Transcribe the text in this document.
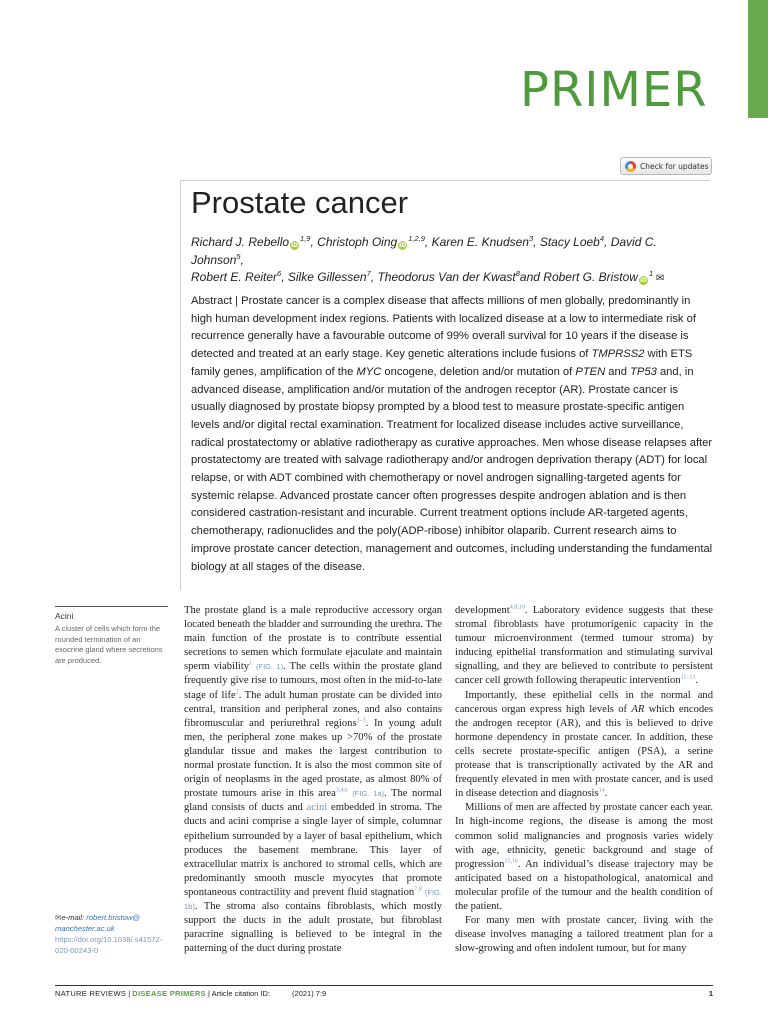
PRIMER
Check for updates
Prostate cancer
Richard J. Rebello iD$^{1,9}$, Christoph Oing iD$^{1,2,9}$, Karen E. Knudsen$^3$, Stacy Loeb$^4$, David C. Johnson$^5$,
Robert E. Reiter$^6$, Silke Gillessen$^7$, Theodorus Van der Kwast$^8$and Robert G. Bristow $iD^1$ ✉

Abstract | Prostate cancer is a complex disease that affects millions of men globally, predominantly in high human development index regions. Patients with localized disease at a low to intermediate risk of recurrence generally have a favourable outcome of 99% overall survival for 10 years if the disease is detected and treated at an early stage. Key genetic alterations include fusions of TMPRSS2 with ETS family genes, amplification of the MYC oncogene, deletion and/or mutation of PTEN and TP53 and, in advanced disease, amplification and/or mutation of the androgen receptor (AR). Prostate cancer is usually diagnosed by prostate biopsy prompted by a blood test to measure prostate-specific antigen levels and/or digital rectal examination. Treatment for localized disease includes active surveillance, radical prostatectomy or ablative radiotherapy as curative approaches. Men whose disease relapses after prostatectomy are treated with salvage radiotherapy and/or androgen deprivation therapy (ADT) for local relapse, or with ADT combined with chemotherapy or novel androgen signalling-targeted agents for systemic relapse. Advanced prostate cancer often progresses despite androgen ablation and is then considered castration-resistant and incurable. Current treatment options include AR-targeted agents, chemotherapy, radionuclides and the poly(ADP-ribose) inhibitor olaparib. Current research aims to improve prostate cancer detection, management and outcomes, including understanding the fundamental biology at all stages of the disease.

Acini
A cluster of cells which form the rounded termination of an exocrine gland where secretions are produced.
✉e-mail: robert.bristow@ manchester.ac.uk
https://doi.org/10.1038/ s41572-020-00243-0

The prostate gland is a male reproductive accessory organ located beneath the bladder and surrounding the urethra. The main function of the prostate is to contribute essential secretions to semen which formulate ejaculate and maintain sperm viability$^1$ (FIG. 1). The cells within the prostate gland frequently give rise to tumours, most often in the mid-to-late stage of life$^2$. The adult human prostate can be divided into central, transition and peripheral zones, and also contains fibromuscular and periurethral regions$^{1-3}$. In young adult men, the peripheral zone makes up >70% of the prostate glandular tissue and makes the largest contribution to normal prostate function. It is also the most common site of origin of neoplasms in the aged prostate, as almost 80% of prostate tumours arise in this area$^{3,4,6}$ (FIG. 1a). The normal gland consists of ducts and acini embedded in stroma. The ducts and acini comprise a single layer of simple, columnar epithelium surrounded by a layer of basal epithelium, which produces the basement membrane. This layer of extracellular matrix is anchored to stromal cells, which are predominantly smooth muscle myocytes that promote spontaneous contractility and prevent fluid stagnation$^{7,8}$ (FIG. 1b). The stroma also contains fibroblasts, which mostly support the ducts in the adult prostate, but fibroblast paracrine signalling is believed to be integral in the patterning of the duct during prostate

development$^{4,8,10}$. Laboratory evidence suggests that these stromal fibroblasts have protumorigenic capacity in the tumour microenvironment (termed tumour stroma) by inducing epithelial transformation and stimulating survival signalling, and they are believed to contribute to persistent cancer cell growth following therapeutic intervention$^{11-13}$.

Importantly, these epithelial cells in the normal and cancerous organ express high levels of AR which encodes the androgen receptor (AR), and this is believed to drive hormone dependency in prostate cancer. In addition, these cells secrete prostate-specific antigen (PSA), a serine protease that is transcriptionally activated by the AR and frequently elevated in men with prostate cancer, and is used in disease detection and diagnosis$^{14}$.

Millions of men are affected by prostate cancer each year. In high-income regions, the disease is among the most common solid malignancies and prognosis varies widely with age, ethnicity, genetic background and stage of progression$^{15,16}$. An individual’s disease trajectory may be anticipated based on a histopathological, anatomical and molecular profile of the tumour and the health condition of the patient.

For many men with prostate cancer, living with the disease involves managing a tailored treatment plan for a slow-growing and often indolent tumour, but for many

NATURE REVIEWS | DISEASE PRIMERS | Article citation ID:	(2021) 7:9	1
